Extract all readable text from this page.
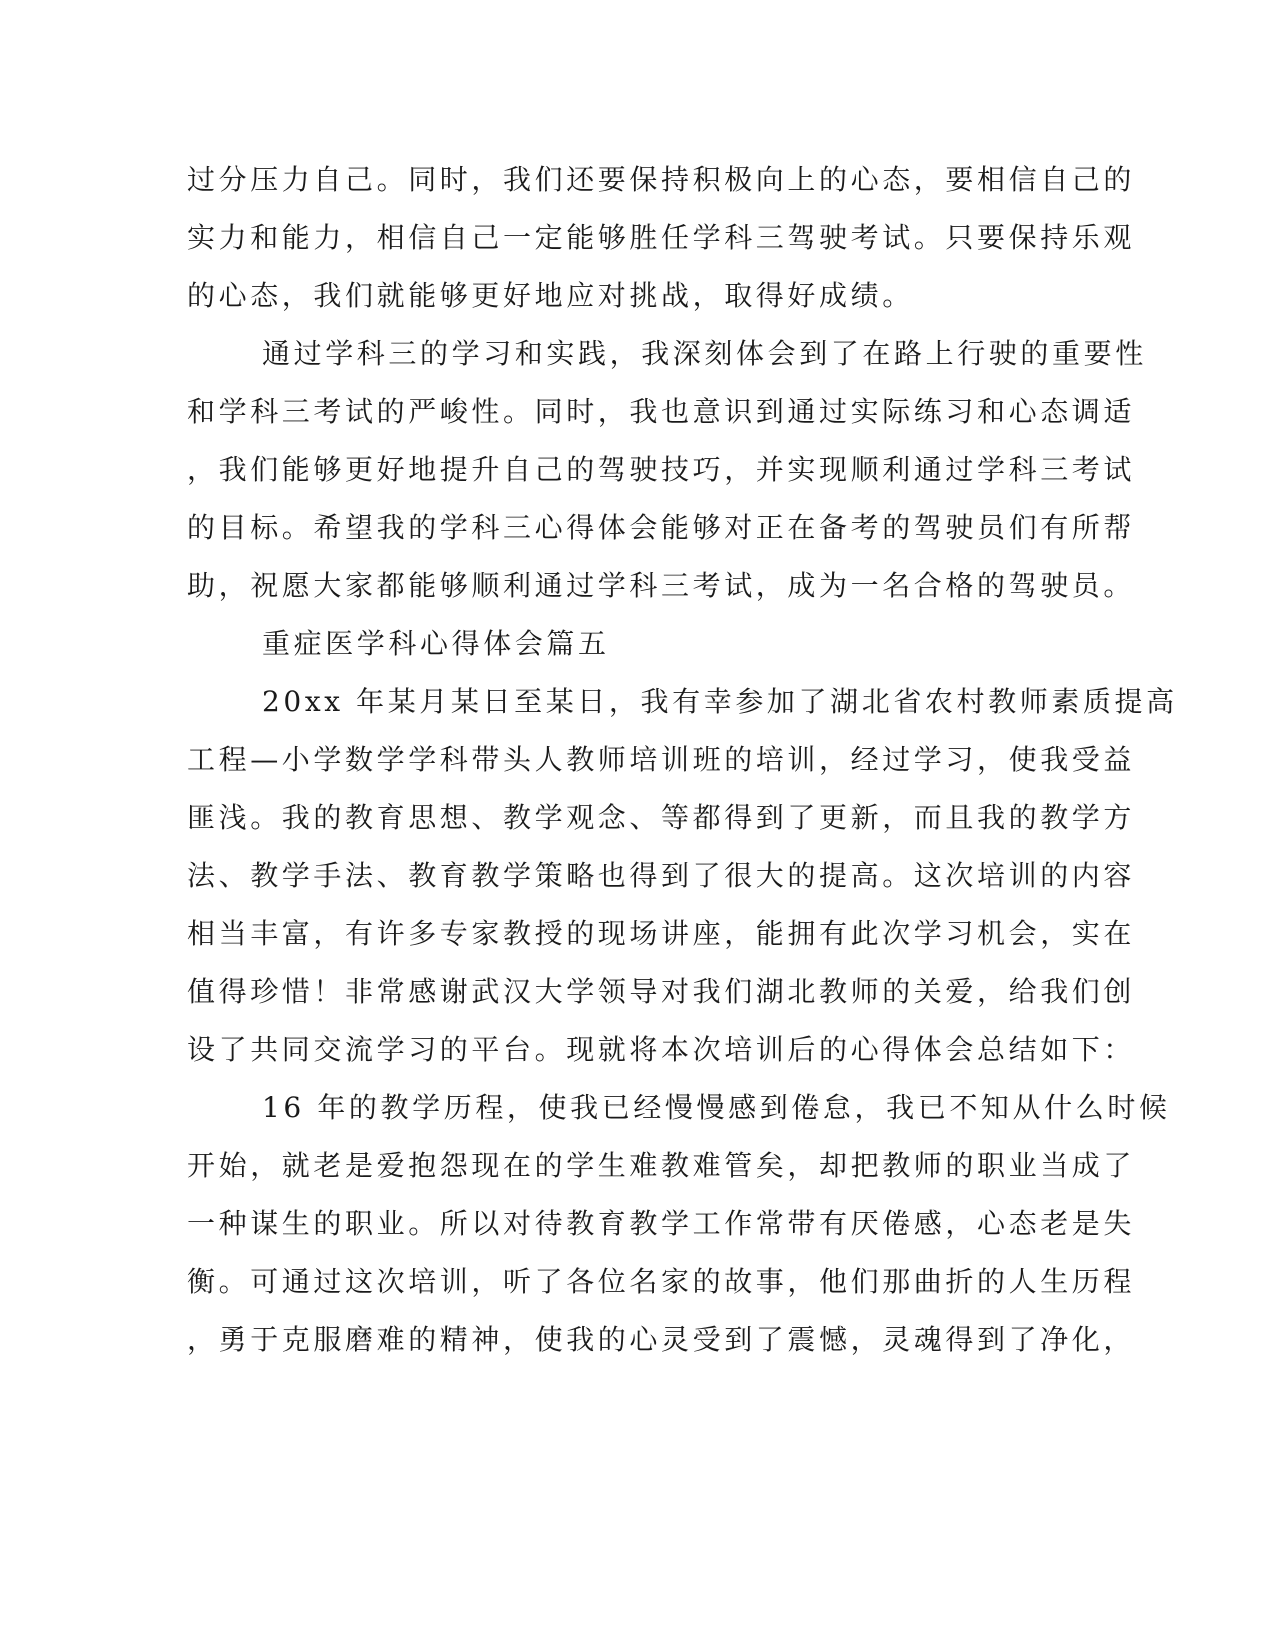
过分压力自己。同时，我们还要保持积极向上的心态，要相信自己的
实力和能力，相信自己一定能够胜任学科三驾驶考试。只要保持乐观
的心态，我们就能够更好地应对挑战，取得好成绩。
通过学科三的学习和实践，我深刻体会到了在路上行驶的重要性
和学科三考试的严峻性。同时，我也意识到通过实际练习和心态调适
，我们能够更好地提升自己的驾驶技巧，并实现顺利通过学科三考试
的目标。希望我的学科三心得体会能够对正在备考的驾驶员们有所帮
助，祝愿大家都能够顺利通过学科三考试，成为一名合格的驾驶员。
重症医学科心得体会篇五
20xx 年某月某日至某日，我有幸参加了湖北省农村教师素质提高
工程—小学数学学科带头人教师培训班的培训，经过学习，使我受益
匪浅。我的教育思想、教学观念、等都得到了更新，而且我的教学方
法、教学手法、教育教学策略也得到了很大的提高。这次培训的内容
相当丰富，有许多专家教授的现场讲座，能拥有此次学习机会，实在
值得珍惜！非常感谢武汉大学领导对我们湖北教师的关爱，给我们创
设了共同交流学习的平台。现就将本次培训后的心得体会总结如下：
16 年的教学历程，使我已经慢慢感到倦怠，我已不知从什么时候
开始，就老是爱抱怨现在的学生难教难管矣，却把教师的职业当成了
一种谋生的职业。所以对待教育教学工作常带有厌倦感，心态老是失
衡。可通过这次培训，听了各位名家的故事，他们那曲折的人生历程
，勇于克服磨难的精神，使我的心灵受到了震憾，灵魂得到了净化，
